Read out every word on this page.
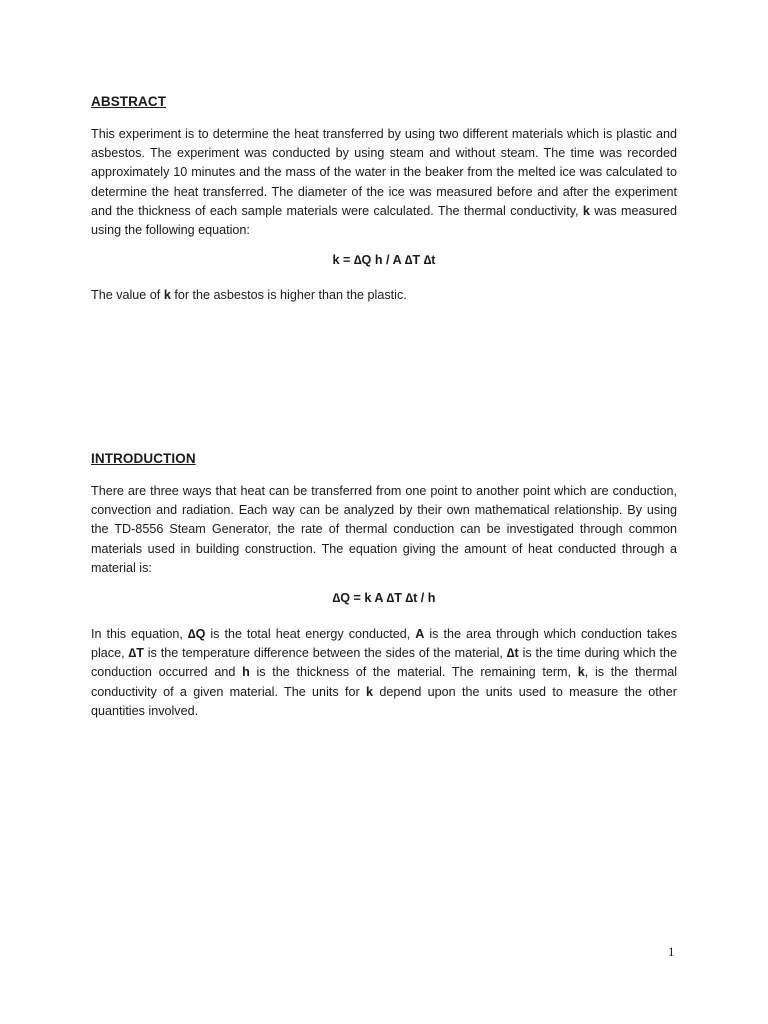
ABSTRACT
This experiment is to determine the heat transferred by using two different materials which is plastic and asbestos. The experiment was conducted by using steam and without steam. The time was recorded approximately 10 minutes and the mass of the water in the beaker from the melted ice was calculated to determine the heat transferred. The diameter of the ice was measured before and after the experiment and the thickness of each sample materials were calculated. The thermal conductivity, k was measured using the following equation:
k = ∆Q h / A ∆T ∆t
The value of k for the asbestos is higher than the plastic.
INTRODUCTION
There are three ways that heat can be transferred from one point to another point which are conduction, convection and radiation. Each way can be analyzed by their own mathematical relationship. By using the TD-8556 Steam Generator, the rate of thermal conduction can be investigated through common materials used in building construction. The equation giving the amount of heat conducted through a material is:
∆Q = k A ∆T ∆t / h
In this equation, ∆Q is the total heat energy conducted, A is the area through which conduction takes place, ∆T is the temperature difference between the sides of the material, ∆t is the time during which the conduction occurred and h is the thickness of the material. The remaining term, k, is the thermal conductivity of a given material. The units for k depend upon the units used to measure the other quantities involved.
1
